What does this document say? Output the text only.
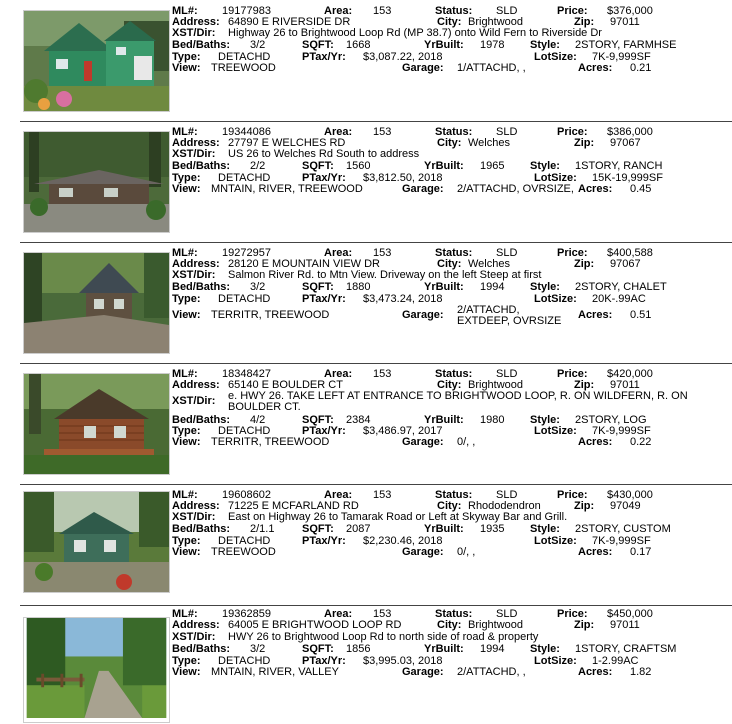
ML#: 19177983	Area: 153	Status: SLD	Price: $376,000
Address: 64890 E RIVERSIDE DR	City: Brightwood	Zip: 97011
XST/Dir: Highway 26 to Brightwood Loop Rd (MP 38.7) onto Wild Fern to Riverside Dr
Bed/Baths: 3/2	SQFT: 1668	YrBuilt: 1978 Style: 2STORY, FARMHSE
Type: DETACHD	PTax/Yr: $3,087.22, 2018	LotSize: 7K-9,999SF
View: TREEWOOD	Garage: 1/ATTACHD, ,	Acres: 0.21
ML#: 19344086	Area: 153	Status: SLD	Price: $386,000
Address: 27797 E WELCHES RD	City: Welches	Zip: 97067
XST/Dir: US 26 to Welches Rd South to address
Bed/Baths: 2/2	SQFT: 1560	YrBuilt: 1965 Style: 1STORY, RANCH
Type: DETACHD	PTax/Yr: $3,812.50, 2018	LotSize: 15K-19,999SF
View: MNTAIN, RIVER, TREEWOOD	Garage: 2/ATTACHD, OVRSIZE, Acres: 0.45
ML#: 19272957	Area: 153	Status: SLD	Price: $400,588
Address: 28120 E MOUNTAIN VIEW DR	City: Welches	Zip: 97067
XST/Dir: Salmon River Rd. to Mtn View. Driveway on the left Steep at first
Bed/Baths: 3/2	SQFT: 1880	YrBuilt: 1994 Style: 2STORY, CHALET
Type: DETACHD	PTax/Yr: $3,473.24, 2018	LotSize: 20K-.99AC
View: TERRITR, TREEWOOD	Garage: 2/ATTACHD,
EXTDEEP, OVRSIZE Acres: 0.51
ML#: 18348427	Area: 153	Status: SLD	Price: $420,000
Address: 65140 E BOULDER CT	City: Brightwood	Zip: 97011
XST/Dir: e. HWY 26. TAKE LEFT AT ENTRANCE TO BRIGHTWOOD LOOP, R. ON WILDFERN, R. ON
BOULDER CT.
Bed/Baths: 4/2	SQFT: 2384	YrBuilt: 1980 Style: 2STORY, LOG
Type: DETACHD	PTax/Yr: $3,486.97, 2017	LotSize: 7K-9,999SF
View: TERRITR, TREEWOOD	Garage: 0/, ,	Acres: 0.22
ML#: 19608602	Area: 153	Status: SLD	Price: $430,000
Address: 71225 E MCFARLAND RD	City: Rhododendron	Zip: 97049
XST/Dir: East on Highway 26 to Tamarak Road or Left at Skyway Bar and Grill.
Bed/Baths: 2/1.1	SQFT: 2087	YrBuilt: 1935 Style: 2STORY, CUSTOM
Type: DETACHD	PTax/Yr: $2,230.46, 2018	LotSize: 7K-9,999SF
View: TREEWOOD	Garage: 0/, ,	Acres: 0.17
ML#: 19362859	Area: 153	Status: SLD	Price: $450,000
Address: 64005 E BRIGHTWOOD LOOP RD	City: Brightwood	Zip: 97011
XST/Dir: HWY 26 to Brightwood Loop Rd to north side of road & property
Bed/Baths: 3/2	SQFT: 1856	YrBuilt: 1994 Style: 1STORY, CRAFTSM
Type: DETACHD	PTax/Yr: $3,995.03, 2018	LotSize: 1-2.99AC
View: MNTAIN, RIVER, VALLEY	Garage: 2/ATTACHD, ,	Acres: 1.82
